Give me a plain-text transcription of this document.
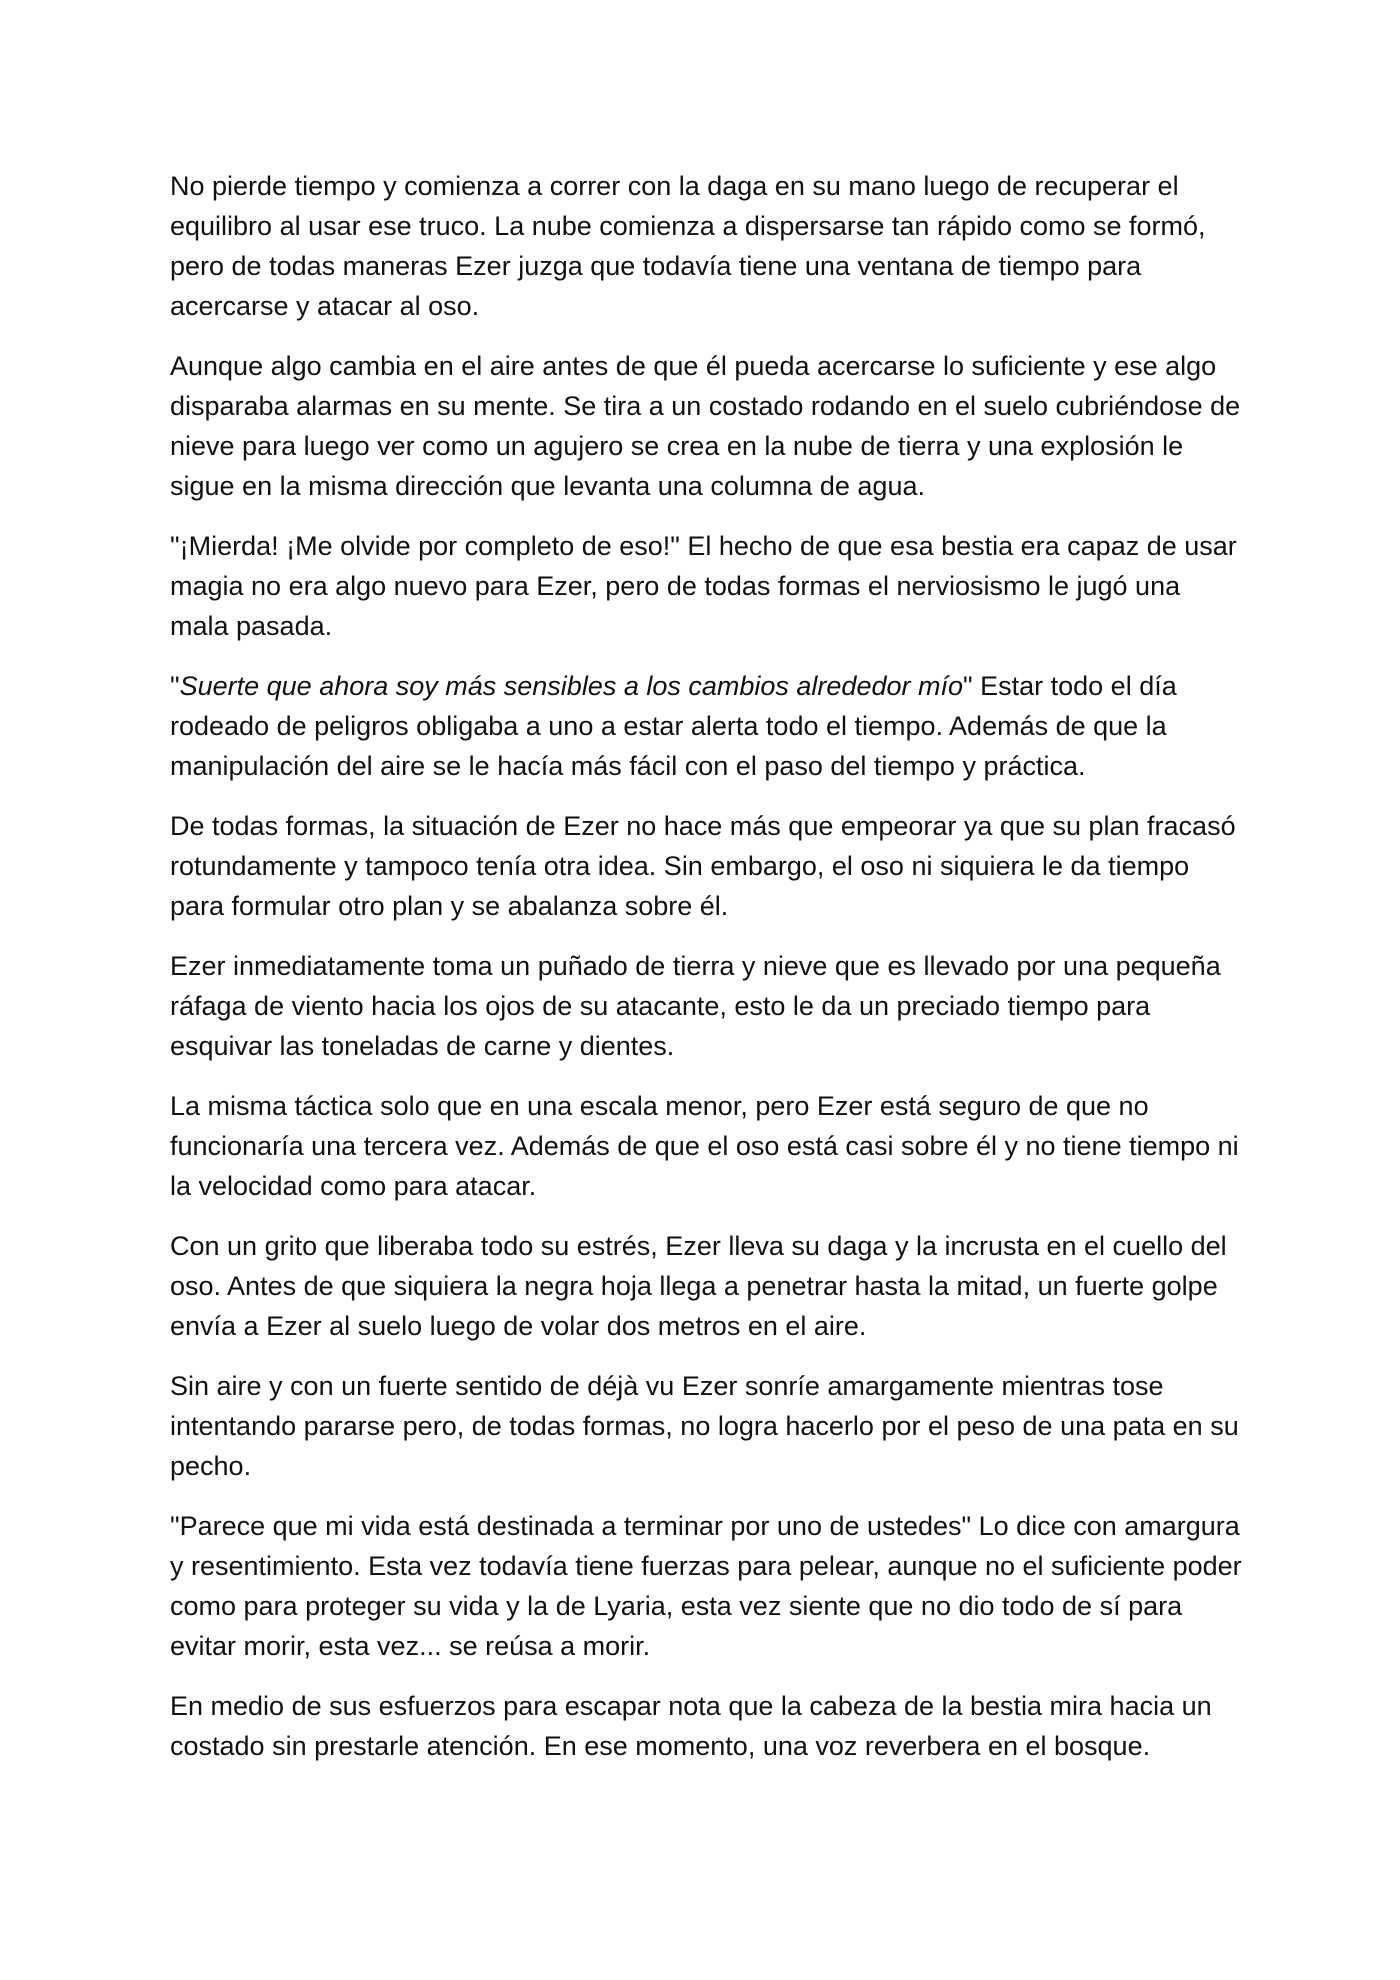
No pierde tiempo y comienza a correr con la daga en su mano luego de recuperar el equilibro al usar ese truco. La nube comienza a dispersarse tan rápido como se formó, pero de todas maneras Ezer juzga que todavía tiene una ventana de tiempo para acercarse y atacar al oso.

Aunque algo cambia en el aire antes de que él pueda acercarse lo suficiente y ese algo disparaba alarmas en su mente. Se tira a un costado rodando en el suelo cubriéndose de nieve para luego ver como un agujero se crea en la nube de tierra y una explosión le sigue en la misma dirección que levanta una columna de agua.

"¡Mierda! ¡Me olvide por completo de eso!" El hecho de que esa bestia era capaz de usar magia no era algo nuevo para Ezer, pero de todas formas el nerviosismo le jugó una mala pasada.

"Suerte que ahora soy más sensibles a los cambios alrededor mío" Estar todo el día rodeado de peligros obligaba a uno a estar alerta todo el tiempo. Además de que la manipulación del aire se le hacía más fácil con el paso del tiempo y práctica.

De todas formas, la situación de Ezer no hace más que empeorar ya que su plan fracasó rotundamente y tampoco tenía otra idea. Sin embargo, el oso ni siquiera le da tiempo para formular otro plan y se abalanza sobre él.

Ezer inmediatamente toma un puñado de tierra y nieve que es llevado por una pequeña ráfaga de viento hacia los ojos de su atacante, esto le da un preciado tiempo para esquivar las toneladas de carne y dientes.

La misma táctica solo que en una escala menor, pero Ezer está seguro de que no funcionaría una tercera vez. Además de que el oso está casi sobre él y no tiene tiempo ni la velocidad como para atacar.

Con un grito que liberaba todo su estrés, Ezer lleva su daga y la incrusta en el cuello del oso. Antes de que siquiera la negra hoja llega a penetrar hasta la mitad, un fuerte golpe envía a Ezer al suelo luego de volar dos metros en el aire.

Sin aire y con un fuerte sentido de déjà vu Ezer sonríe amargamente mientras tose intentando pararse pero, de todas formas, no logra hacerlo por el peso de una pata en su pecho.

"Parece que mi vida está destinada a terminar por uno de ustedes" Lo dice con amargura y resentimiento. Esta vez todavía tiene fuerzas para pelear, aunque no el suficiente poder como para proteger su vida y la de Lyaria, esta vez siente que no dio todo de sí para evitar morir, esta vez... se reúsa a morir.

En medio de sus esfuerzos para escapar nota que la cabeza de la bestia mira hacia un costado sin prestarle atención. En ese momento, una voz reverbera en el bosque.
